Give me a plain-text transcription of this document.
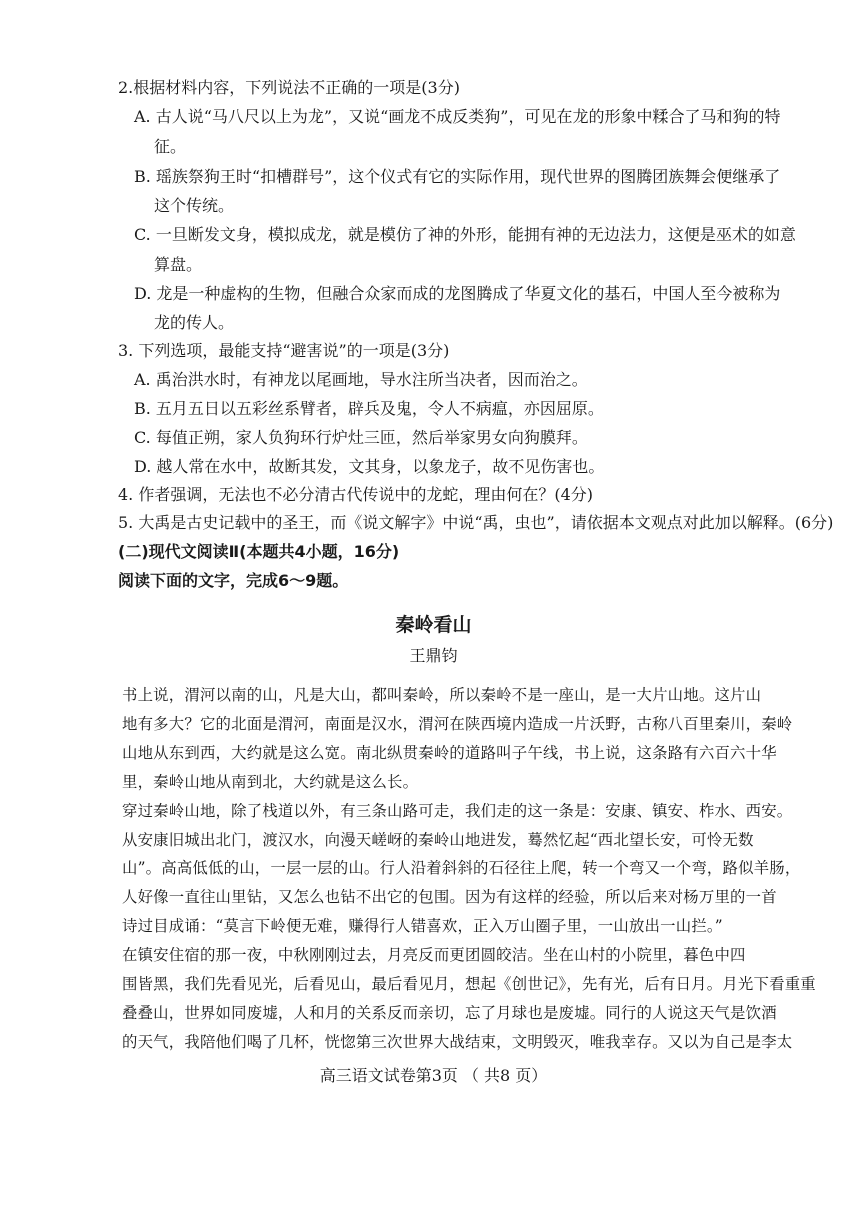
2.根据材料内容，下列说法不正确的一项是(3分)
A. 古人说“马八尺以上为龙”，又说“画龙不成反类狗”，可见在龙的形象中糅合了马和狗的特
征。
B. 瑶族祭狗王时“扣槽群号”，这个仪式有它的实际作用，现代世界的图腾团族舞会便继承了
这个传统。
C. 一旦断发文身，模拟成龙，就是模仿了神的外形，能拥有神的无边法力，这便是巫术的如意
算盘。
D. 龙是一种虚构的生物，但融合众家而成的龙图腾成了华夏文化的基石，中国人至今被称为
龙的传人。
3. 下列选项，最能支持“避害说”的一项是(3分)
A. 禹治洪水时，有神龙以尾画地，导水注所当决者，因而治之。
B. 五月五日以五彩丝系臂者，辟兵及鬼，令人不病瘟，亦因屈原。
C. 每值正朔，家人负狗环行炉灶三匝，然后举家男女向狗膜拜。
D. 越人常在水中，故断其发，文其身，以象龙子，故不见伤害也。
4. 作者强调，无法也不必分清古代传说中的龙蛇，理由何在？(4分)
5. 大禹是古史记载中的圣王，而《说文解字》中说“禹，虫也”，请依据本文观点对此加以解释。(6分)
(二)现代文阅读Ⅱ(本题共4小题，16分)
阅读下面的文字，完成6～9题。
秦岭看山
王鼎钧
书上说，渭河以南的山，凡是大山，都叫秦岭，所以秦岭不是一座山，是一大片山地。这片山
地有多大？它的北面是渭河，南面是汉水，渭河在陕西境内造成一片沃野，古称八百里秦川，秦岭
山地从东到西，大约就是这么宽。南北纵贯秦岭的道路叫子午线，书上说，这条路有六百六十华
里，秦岭山地从南到北，大约就是这么长。
穿过秦岭山地，除了栈道以外，有三条山路可走，我们走的这一条是：安康、镇安、柞水、西安。
从安康旧城出北门，渡汉水，向漫天嵯岈的秦岭山地进发，蓦然忆起“西北望长安，可怜无数
山”。高高低低的山，一层一层的山。行人沿着斜斜的石径往上爬，转一个弯又一个弯，路似羊肠，
人好像一直往山里钻，又怎么也钻不出它的包围。因为有这样的经验，所以后来对杨万里的一首
诗过目成诵：“莫言下岭便无难，赚得行人错喜欢，正入万山圈子里，一山放出一山拦。”
在镇安住宿的那一夜，中秋刚刚过去，月亮反而更团圆皎洁。坐在山村的小院里，暮色中四
围皆黑，我们先看见光，后看见山，最后看见月，想起《创世记》，先有光，后有日月。月光下看重重
叠叠山，世界如同废墟，人和月的关系反而亲切，忘了月球也是废墟。同行的人说这天气是饮酒
的天气，我陪他们喝了几杯，恍惚第三次世界大战结束，文明毁灭，唯我幸存。又以为自己是李太
高三语文试卷第3页 （ 共8 页）
